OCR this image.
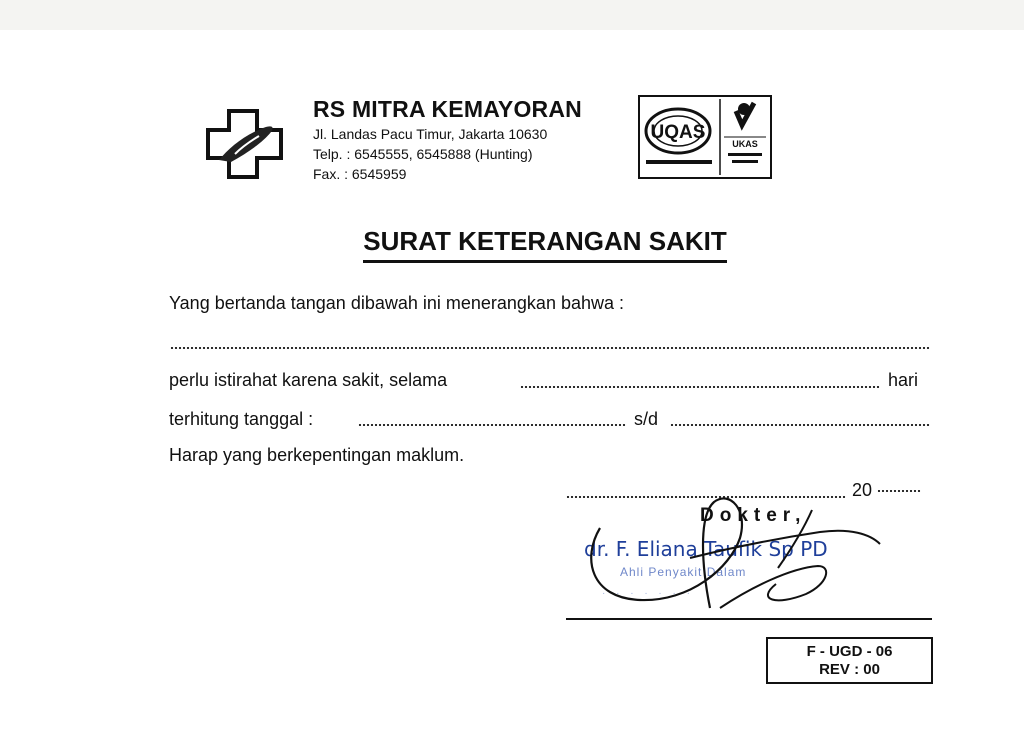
RS MITRA KEMAYORAN
Jl. Landas Pacu Timur, Jakarta 10630
Telp. : 6545555, 6545888 (Hunting)
Fax. : 6545959
UQAS
UKAS
SURAT KETERANGAN SAKIT
Yang bertanda tangan dibawah ini menerangkan bahwa :
perlu istirahat karena sakit, selama	hari
terhitung tanggal :	s/d
Harap yang berkepentingan maklum.
20
Dokter,
dr. F. Eliana Taufik Sp PD
Ahli Penyakit Dalam
· · · · · · ·
F - UGD - 06
REV : 00
